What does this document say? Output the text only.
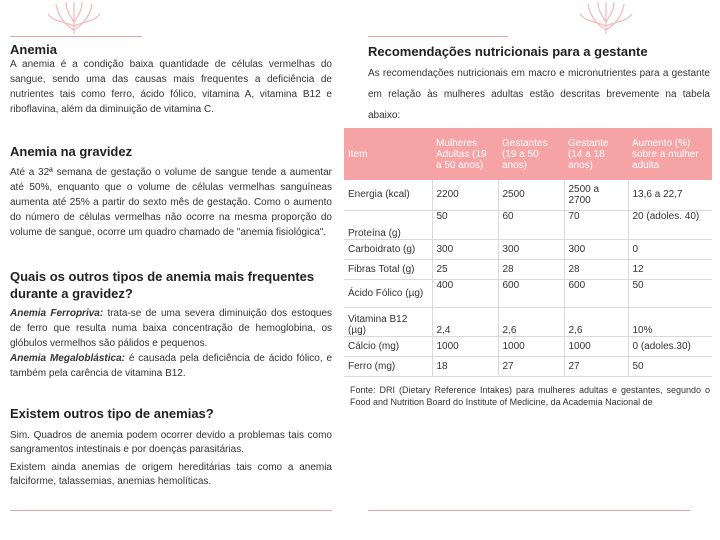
Anemia

A anemia é a condição baixa quantidade de células vermelhas do sangue, sendo uma das causas mais frequentes a deficiência de nutrientes tais como ferro, ácido fólico, vitamina A, vitamina B12 e riboflavina, além da diminuição de vitamina C.

Anemia na gravidez

Até a 32ª semana de gestação o volume de sangue tende a aumentar até 50%, enquanto que o volume de células vermelhas sanguíneas aumenta até 25% a partir do sexto mês de gestação. Como o aumento do número de células vermelhas não ocorre na mesma proporção do volume de sangue, ocorre um quadro chamado de "anemia fisiológica".

Quais os outros tipos de anemia mais frequentes durante a gravidez?

Anemia Ferropriva: trata-se de uma severa diminuição dos estoques de ferro que resulta numa baixa concentração de hemoglobina, os glóbulos vermelhos são pálidos e pequenos.

Anemia Megaloblástica: é causada pela deficiência de ácido fólico, e também pela carência de vitamina B12.

Existem outros tipo de anemias?

Sim. Quadros de anemia podem ocorrer devido a problemas tais como sangramentos intestinais e por doenças parasitárias.

Existem ainda anemias de origem hereditárias tais como a anemia falciforme, talassemias, anemias hemolíticas.

Recomendações nutricionais para a gestante
As recomendações nutricionais em macro e micronutrientes para a gestante em relação às mulheres adultas estão descritas brevemente na tabela abaixo:
Item	Mulheres Adultas (19 a 50 anos)	Gestantes (19 a 50 anos)	Gestante (14 a 18 anos)	Aumento (%) sobre a mulher adulta
Energia (kcal)	2200	2500	2500 a 2700	13,6 a 22,7
Proteína (g)	50	60	70	20 (adoles. 40)
Carboidrato (g)	300	300	300	0
Fibras Total (g)	25	28	28	12
Ácido Fólico (µg)	400	600	600	50
Vitamina B12 (µg)	2,4	2,6	2,6	10%
Cálcio (mg)	1000	1000	1000	0 (adoles.30)
Ferro (mg)	18	27	27	50
Fonte: DRI (Dietary Reference Intakes) para mulheres adultas e gestantes, segundo o Food and Nutrition Board do Institute of Medicine, da Academia Nacional de
